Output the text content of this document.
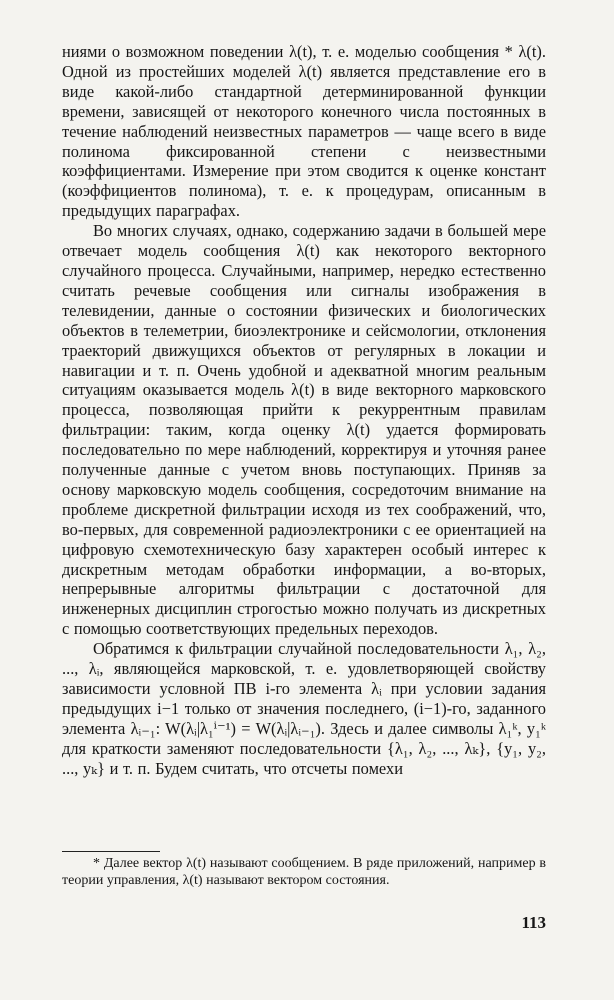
ниями о возможном поведении λ(t), т. е. моделью сообщения * λ(t). Одной из простейших моделей λ(t) является представление его в виде какой-либо стандартной детерминированной функции времени, зависящей от некоторого конечного числа постоянных в течение наблюдений неизвестных параметров — чаще всего в виде полинома фиксированной степени с неизвестными коэффициентами. Измерение при этом сводится к оценке констант (коэффициентов полинома), т. е. к процедурам, описанным в предыдущих параграфах.

Во многих случаях, однако, содержанию задачи в большей мере отвечает модель сообщения λ(t) как некоторого векторного случайного процесса. Случайными, например, нередко естественно считать речевые сообщения или сигналы изображения в телевидении, данные о состоянии физических и биологических объектов в телеметрии, биоэлектронике и сейсмологии, отклонения траекторий движущихся объектов от регулярных в локации и навигации и т. п. Очень удобной и адекватной многим реальным ситуациям оказывается модель λ(t) в виде векторного марковского процесса, позволяющая прийти к рекуррентным правилам фильтрации: таким, когда оценку λ(t) удается формировать последовательно по мере наблюдений, корректируя и уточняя ранее полученные данные с учетом вновь поступающих. Приняв за основу марковскую модель сообщения, сосредоточим внимание на проблеме дискретной фильтрации исходя из тех соображений, что, во-первых, для современной радиоэлектроники с ее ориентацией на цифровую схемотехническую базу характерен особый интерес к дискретным методам обработки информации, а во-вторых, непрерывные алгоритмы фильтрации с достаточной для инженерных дисциплин строгостью можно получать из дискретных с помощью соответствующих предельных переходов.

Обратимся к фильтрации случайной последовательности λ₁, λ₂, ..., λᵢ, являющейся марковской, т. е. удовлетворяющей свойству зависимости условной ПВ i-го элемента λᵢ при условии задания предыдущих i−1 только от значения последнего, (i−1)-го, заданного элемента λᵢ₋₁: W(λᵢ|λ₁ⁱ⁻¹) = W(λᵢ|λᵢ₋₁). Здесь и далее символы λ₁ᵏ, y₁ᵏ для краткости заменяют последовательности {λ₁, λ₂, ..., λₖ}, {y₁, y₂, ..., yₖ} и т. п. Будем считать, что отсчеты помехи

* Далее вектор λ(t) называют сообщением. В ряде приложений, например в теории управления, λ(t) называют вектором состояния.

113
